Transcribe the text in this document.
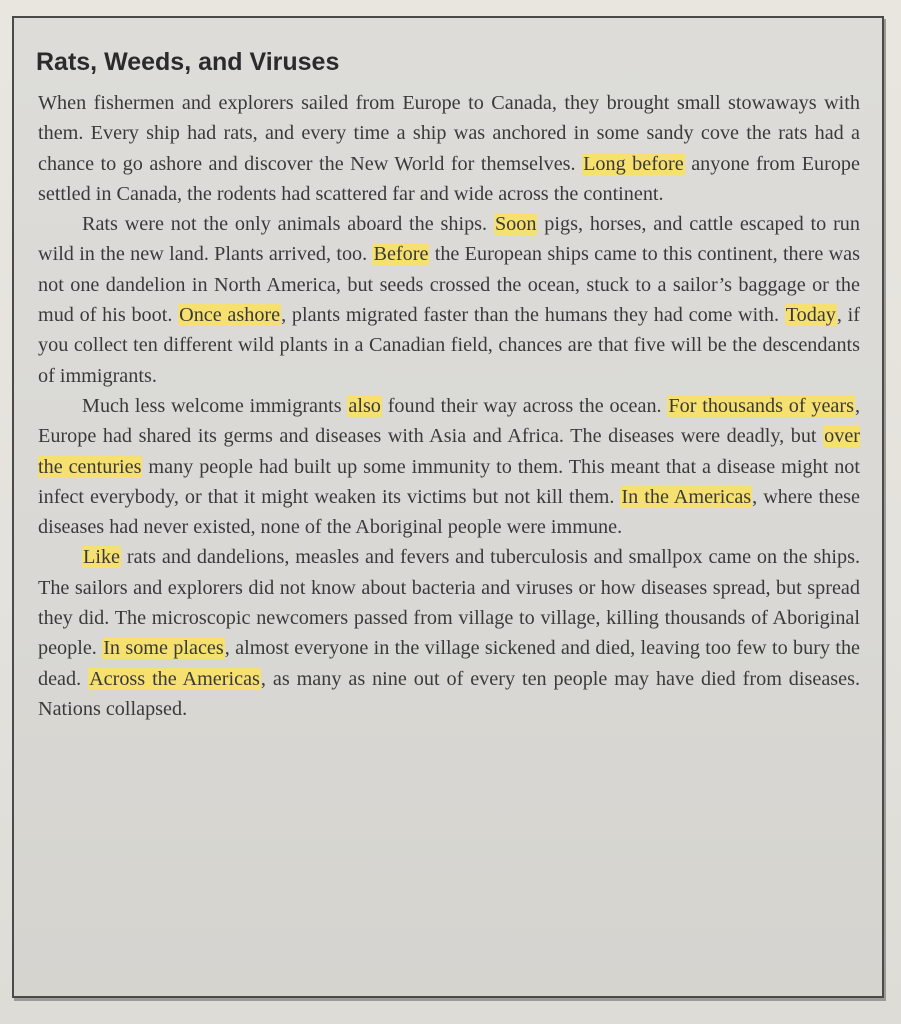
Rats, Weeds, and Viruses

When fishermen and explorers sailed from Europe to Canada, they brought small stowaways with them. Every ship had rats, and every time a ship was anchored in some sandy cove the rats had a chance to go ashore and discover the New World for themselves. Long before anyone from Europe settled in Canada, the rodents had scattered far and wide across the continent.

Rats were not the only animals aboard the ships. Soon pigs, horses, and cattle escaped to run wild in the new land. Plants arrived, too. Before the European ships came to this continent, there was not one dandelion in North America, but seeds crossed the ocean, stuck to a sailor’s baggage or the mud of his boot. Once ashore, plants migrated faster than the humans they had come with. Today, if you collect ten different wild plants in a Canadian field, chances are that five will be the descendants of immigrants.

Much less welcome immigrants also found their way across the ocean. For thousands of years, Europe had shared its germs and diseases with Asia and Africa. The diseases were deadly, but over the centuries many people had built up some immunity to them. This meant that a disease might not infect everybody, or that it might weaken its victims but not kill them. In the Americas, where these diseases had never existed, none of the Aboriginal people were immune.

Like rats and dandelions, measles and fevers and tuberculosis and smallpox came on the ships. The sailors and explorers did not know about bacteria and viruses or how diseases spread, but spread they did. The microscopic newcomers passed from village to village, killing thousands of Aboriginal people. In some places, almost everyone in the village sickened and died, leaving too few to bury the dead. Across the Americas, as many as nine out of every ten people may have died from diseases. Nations collapsed.
